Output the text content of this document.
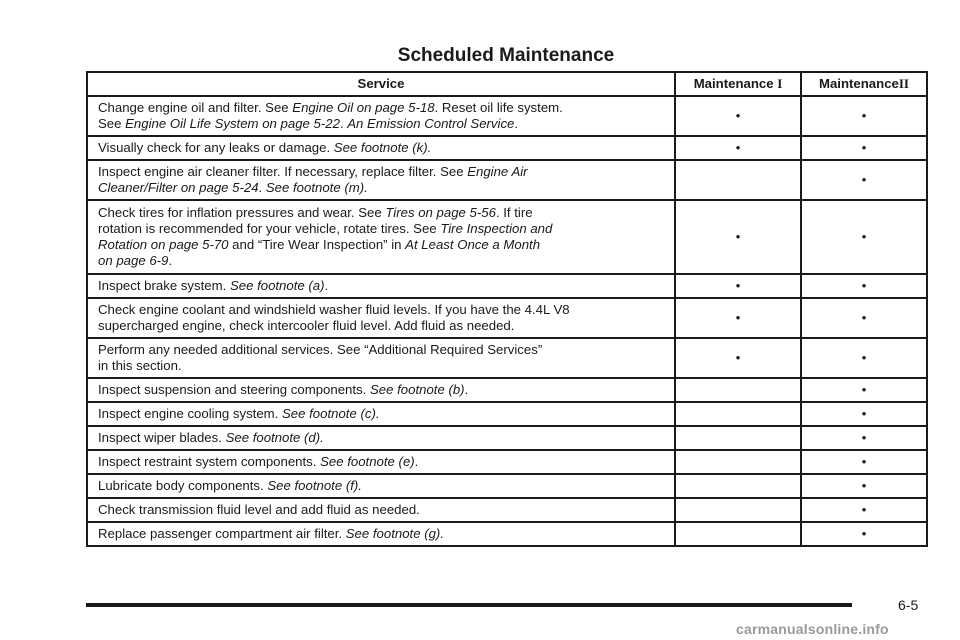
Scheduled Maintenance
Service	Maintenance I	MaintenanceII
Change engine oil and filter. See Engine Oil on page 5-18. Reset oil life system.
See Engine Oil Life System on page 5-22. An Emission Control Service.	•	•
Visually check for any leaks or damage. See footnote (k).	•	•
Inspect engine air cleaner filter. If necessary, replace filter. See Engine Air
Cleaner/Filter on page 5-24. See footnote (m).		•
Check tires for inflation pressures and wear. See Tires on page 5-56. If tire
rotation is recommended for your vehicle, rotate tires. See Tire Inspection and
Rotation on page 5-70 and “Tire Wear Inspection” in At Least Once a Month
on page 6-9.	•	•
Inspect brake system. See footnote (a).	•	•
Check engine coolant and windshield washer fluid levels. If you have the 4.4L V8
supercharged engine, check intercooler fluid level. Add fluid as needed.	•	•
Perform any needed additional services. See “Additional Required Services”
in this section.	•	•
Inspect suspension and steering components. See footnote (b).		•
Inspect engine cooling system. See footnote (c).		•
Inspect wiper blades. See footnote (d).		•
Inspect restraint system components. See footnote (e).		•
Lubricate body components. See footnote (f).		•
Check transmission fluid level and add fluid as needed.		•
Replace passenger compartment air filter. See footnote (g).		•
6-5
carmanualsonline.info
